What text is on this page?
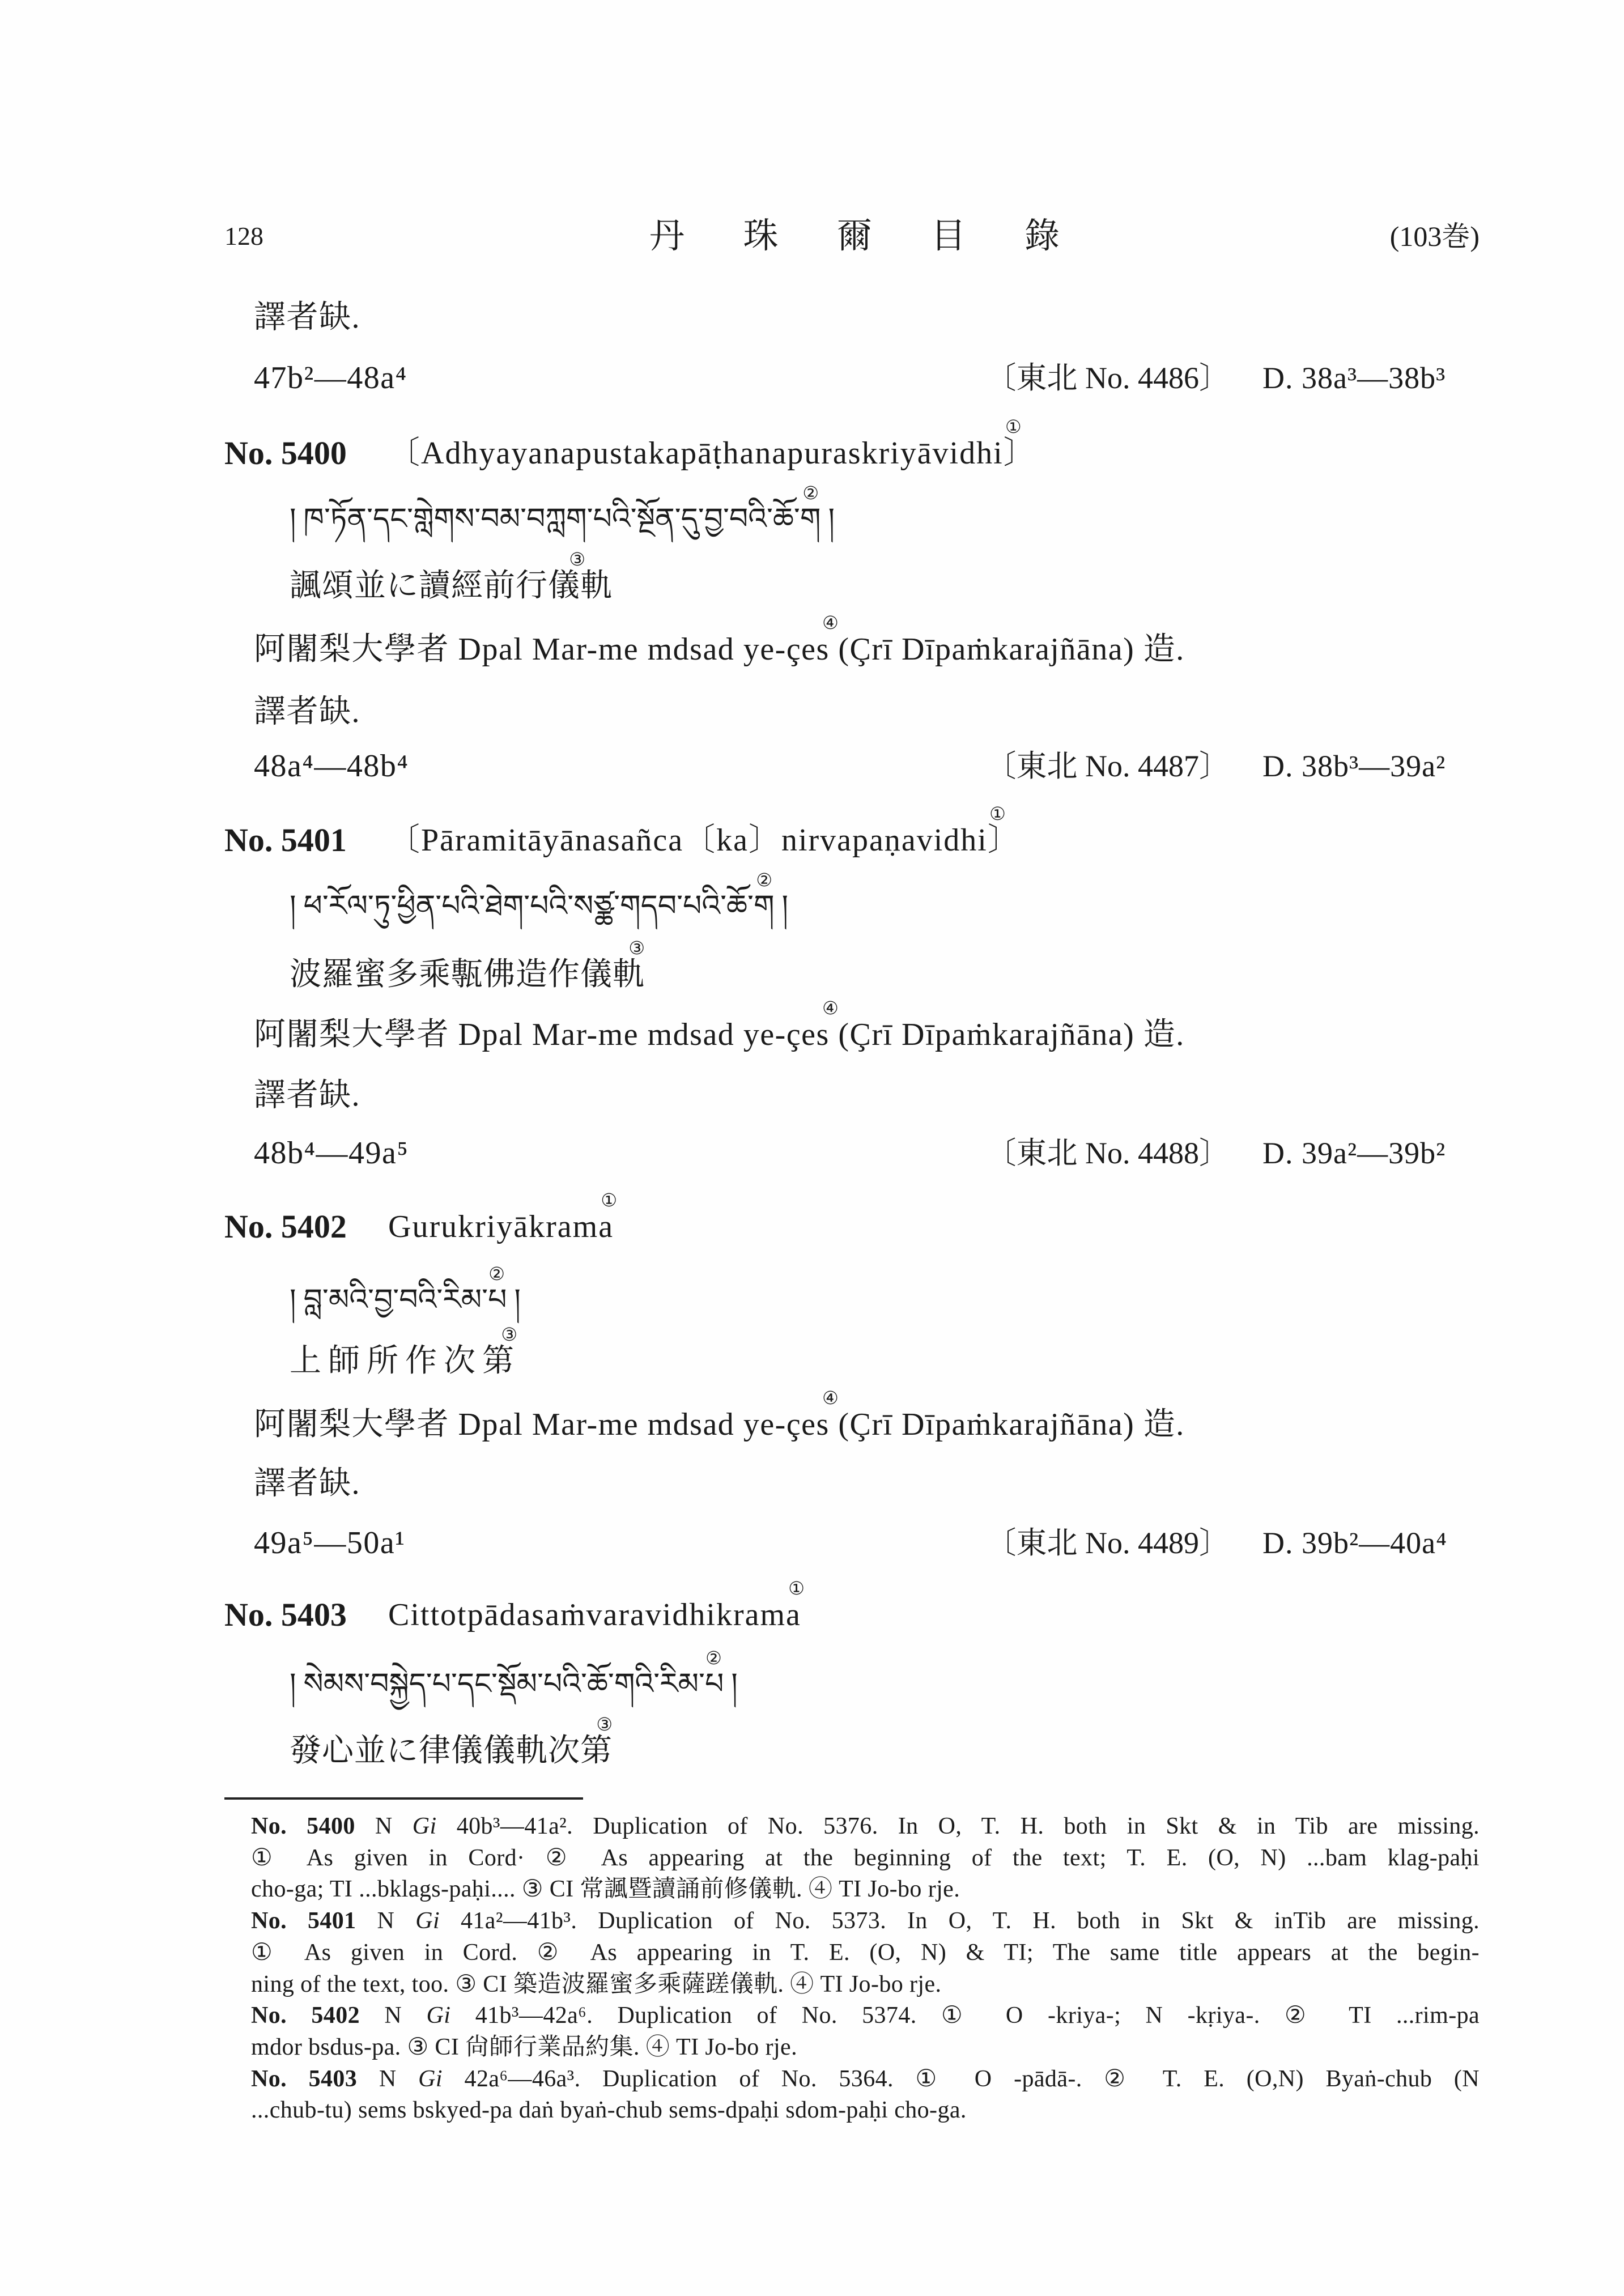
128	丹 珠 爾 目 錄	(103巻)
譯者缺.
47b²—48a⁴	〔東北 No. 4486〕 D. 38a³—38b³
No. 5400 〔Adhyayanapustakapāṭhanapuraskriyāvidhi〕
①
། ཁ་ཏོན་དང་གླེགས་བམ་བཀླག་པའི་སྔོན་དུ་བྱ་བའི་ཆོ་ག །
②
諷頌並に讀經前行儀軌
③
阿闍梨大學者 Dpal Mar-me mdsad ye-çes
④
(Çrī Dīpaṁkarajñāna) 造.
譯者缺.
48a⁴—48b⁴	〔東北 No. 4487〕 D. 38b³—39a²
No. 5401 〔Pāramitāyānasañca〔ka〕nirvapaṇavidhi〕
①
། ཕ་རོལ་ཏུ་ཕྱིན་པའི་ཐེག་པའི་སཙྪ་གདབ་པའི་ཆོ་ག །
②
波羅蜜多乘甎佛造作儀軌
③
阿闍梨大學者 Dpal Mar-me mdsad ye-çes
④
(Çrī Dīpaṁkarajñāna) 造.
譯者缺.
48b⁴—49a⁵	〔東北 No. 4488〕 D. 39a²—39b²
No. 5402 Gurukriyākrama
①
། བླ་མའི་བྱ་བའི་རིམ་པ །
②
上師所作次第
③
阿闍梨大學者 Dpal Mar-me mdsad ye-çes
④
(Çrī Dīpaṁkarajñāna) 造.
譯者缺.
49a⁵—50a¹	〔東北 No. 4489〕 D. 39b²—40a⁴
No. 5403 Cittotpādasaṁvaravidhikrama
①
། སེམས་བསྐྱེད་པ་དང་སྡོམ་པའི་ཆོ་གའི་རིམ་པ །
②
發心並に律儀儀軌次第
③
No. 5400 N Gi 40b³—41a². Duplication of No. 5376. In O, T. H. both in Skt & in Tib are missing.
① As given in Cord· ② As appearing at the beginning of the text; T. E. (O, N) ...bam klag-paḥi
cho-ga; TI ...bklags-paḥi.... ③ CI 常諷暨讀誦前修儀軌. ④ TI Jo-bo rje.
No. 5401 N Gi 41a²—41b³. Duplication of No. 5373. In O, T. H. both in Skt & inTib are missing.
① As given in Cord. ② As appearing in T. E. (O, N) & TI; The same title appears at the begin-
ning of the text, too. ③ CI 築造波羅蜜多乘薩蹉儀軌. ④ TI Jo-bo rje.
No. 5402 N Gi 41b³—42a⁶. Duplication of No. 5374. ① O -kriya-; N -kṛiya-. ② TI ...rim-pa
mdor bsdus-pa. ③ CI 尙師行業品約集. ④ TI Jo-bo rje.
No. 5403 N Gi 42a⁶—46a³. Duplication of No. 5364. ① O -pādā-. ② T. E. (O,N) Byaṅ-chub (N
...chub-tu) sems bskyed-pa daṅ byaṅ-chub sems-dpaḥi sdom-paḥi cho-ga.
